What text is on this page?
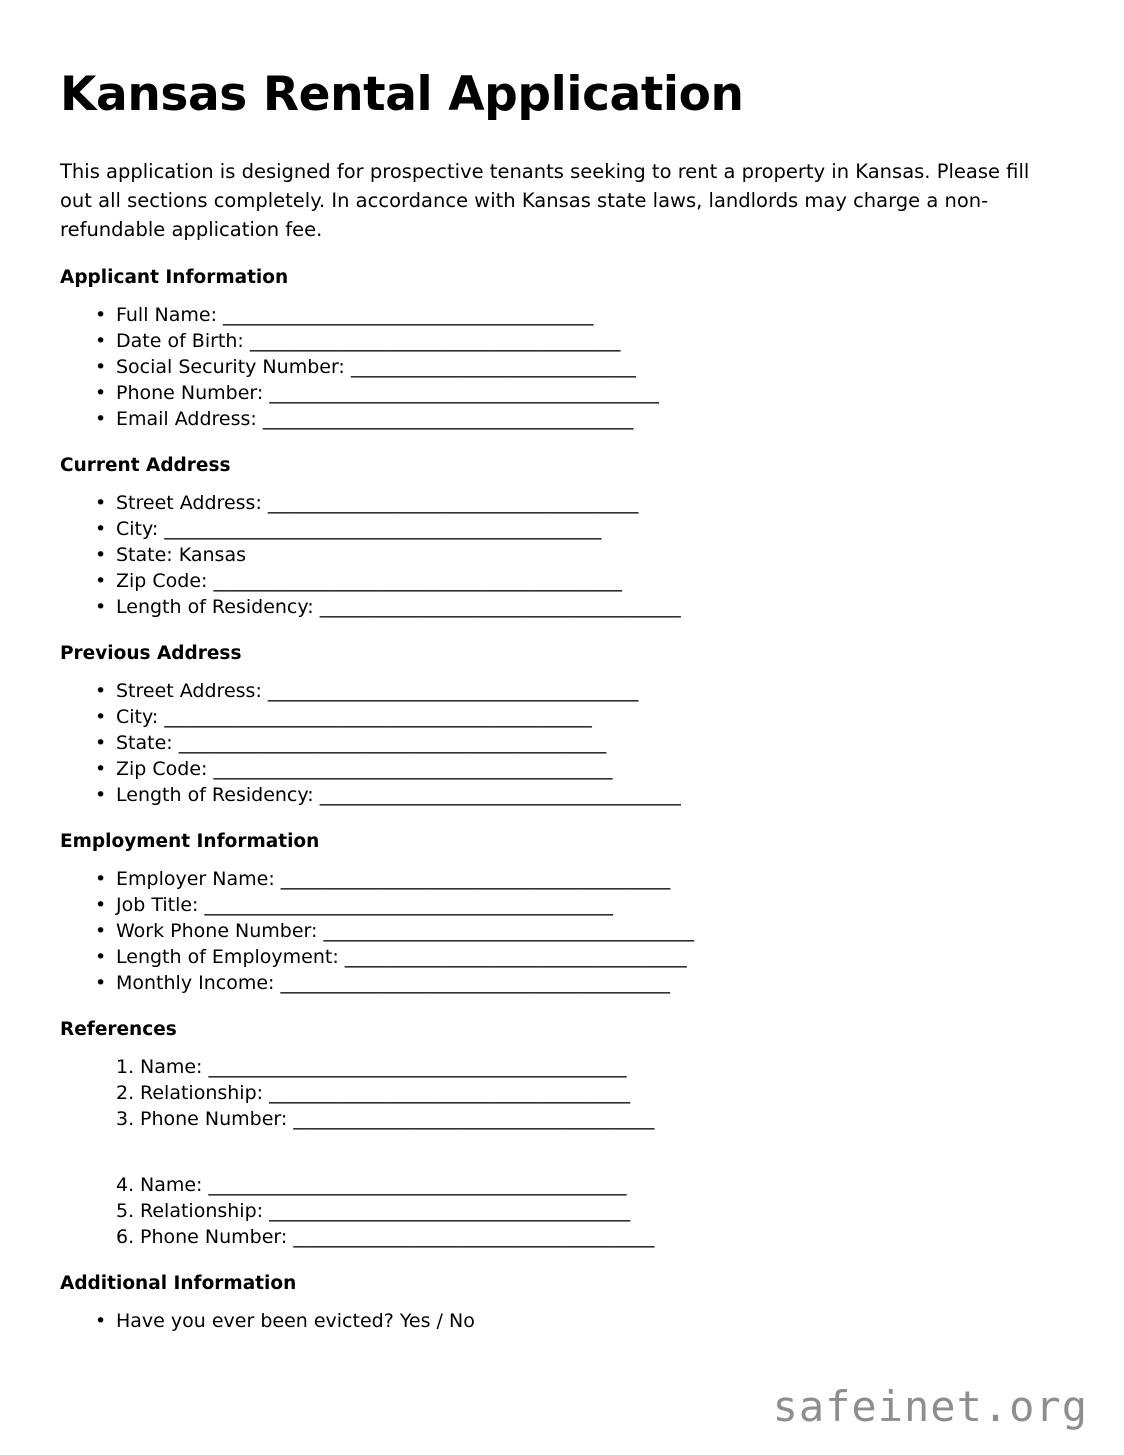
Kansas Rental Application

This application is designed for prospective tenants seeking to rent a property in Kansas. Please fill out all sections completely. In accordance with Kansas state laws, landlords may charge a non-refundable application fee.

Applicant Information
• Full Name: _______________________________________
• Date of Birth: _______________________________________
• Social Security Number: ______________________________
• Phone Number: _________________________________________
• Email Address: _______________________________________
Current Address
• Street Address: _______________________________________
• City: ______________________________________________
• State: Kansas
• Zip Code: ___________________________________________
• Length of Residency: ______________________________________
Previous Address
• Street Address: _______________________________________
• City: _____________________________________________
• State: _____________________________________________
• Zip Code: __________________________________________
• Length of Residency: ______________________________________
Employment Information
• Employer Name: _________________________________________
• Job Title: ___________________________________________
• Work Phone Number: _______________________________________
• Length of Employment: ____________________________________
• Monthly Income: _________________________________________
References
1. Name: ____________________________________________
2. Relationship: ______________________________________
3. Phone Number: ______________________________________
4. Name: ____________________________________________
5. Relationship: ______________________________________
6. Phone Number: ______________________________________
Additional Information
• Have you ever been evicted? Yes / No
safeinet.org
